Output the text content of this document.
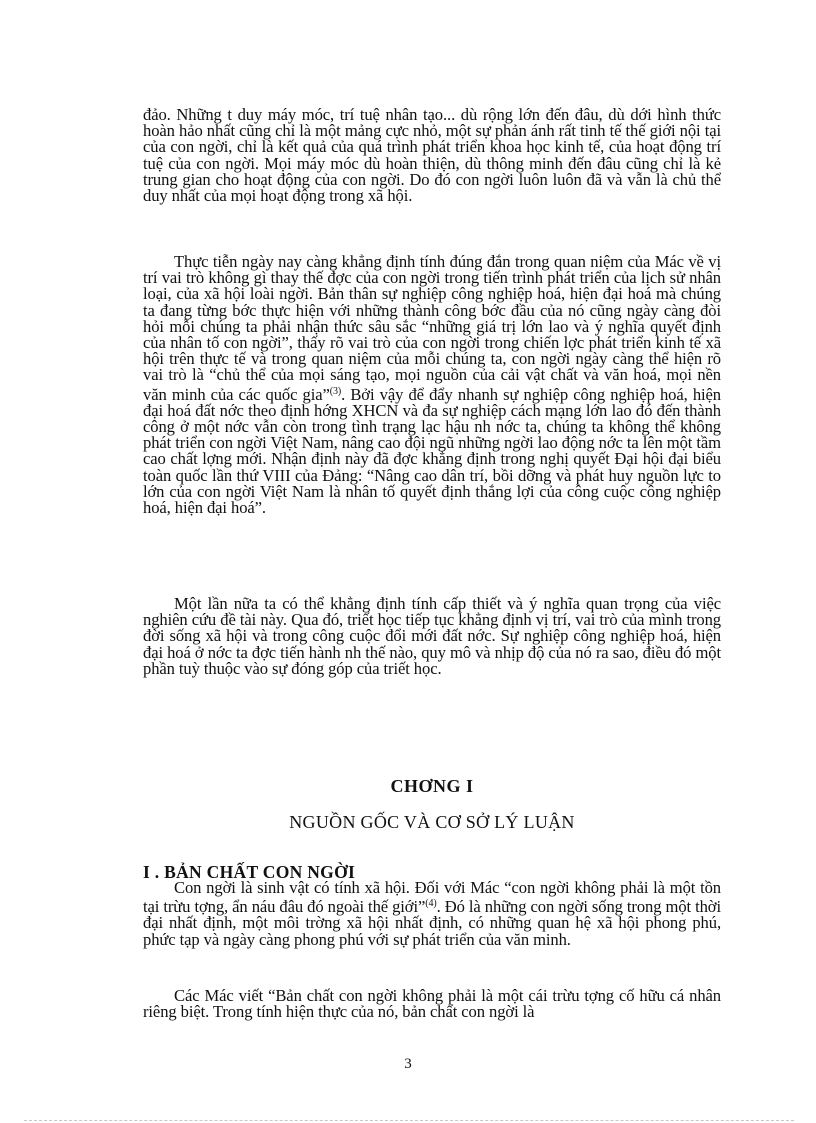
đảo. Những t duy máy móc, trí tuệ nhân tạo... dù rộng lớn đến đâu, dù dới hình thức hoàn hảo nhất cũng chỉ là một mảng cực nhỏ, một sự phản ánh rất tinh tế thế giới nội tại của con ngời, chỉ là kết quả của quá trình phát triển khoa học kinh tế, của hoạt động trí tuệ của con ngời. Mọi máy móc dù hoàn thiện, dù thông minh đến đâu cũng chỉ là kẻ trung gian cho hoạt động của con ngời. Do đó con ngời luôn luôn đã và vẫn là chủ thể duy nhất của mọi hoạt động trong xã hội.
Thực tiễn ngày nay càng khẳng định tính đúng đắn trong quan niệm của Mác về vị trí vai trò không gì thay thế đợc của con ngời trong tiến trình phát triển của lịch sử nhân loại, của xã hội loài ngời. Bản thân sự nghiệp công nghiệp hoá, hiện đại hoá mà chúng ta đang từng bớc thực hiện với những thành công bớc đầu của nó cũng ngày càng đòi hỏi mỗi chúng ta phải nhận thức sâu sắc “những giá trị lớn lao và ý nghĩa quyết định của nhân tố con ngời”, thấy rõ vai trò của con ngời trong chiến lợc phát triển kinh tế xã hội trên thực tế và trong quan niệm của mỗi chúng ta, con ngời ngày càng thể hiện rõ vai trò là “chủ thể của mọi sáng tạo, mọi nguồn của cải vật chất và văn hoá, mọi nền văn minh của các quốc gia”$^{(3)}$. Bởi vậy để đẩy nhanh sự nghiệp công nghiệp hoá, hiện đại hoá đất nớc theo định hớng XHCN và đa sự nghiệp cách mạng lớn lao đó đến thành công ở một nớc vẫn còn trong tình trạng lạc hậu nh nớc ta, chúng ta không thể không phát triển con ngời Việt Nam, nâng cao đội ngũ những ngời lao động nớc ta lên một tầm cao chất lợng mới. Nhận định này đã đợc khẳng định trong nghị quyết Đại hội đại biểu toàn quốc lần thứ VIII của Đảng: “Nâng cao dân trí, bồi dỡng và phát huy nguồn lực to lớn của con ngời Việt Nam là nhân tố quyết định thắng lợi của công cuộc công nghiệp hoá, hiện đại hoá”.
Một lần nữa ta có thể khẳng định tính cấp thiết và ý nghĩa quan trọng của việc nghiên cứu đề tài này. Qua đó, triết học tiếp tục khẳng định vị trí, vai trò của mình trong đời sống xã hội và trong công cuộc đổi mới đất nớc. Sự nghiệp công nghiệp hoá, hiện đại hoá ở nớc ta đợc tiến hành nh thế nào, quy mô và nhịp độ của nó ra sao, điều đó một phần tuỳ thuộc vào sự đóng góp của triết học.
CHƠNG I
NGUỒN GỐC VÀ CƠ SỞ LÝ LUẬN
I . BẢN CHẤT CON NGỜI
Con ngời là sinh vật có tính xã hội. Đối với Mác “con ngời không phải là một tồn tại trừu tợng, ẩn náu đâu đó ngoài thế giới”$^{(4)}$. Đó là những con ngời sống trong một thời đại nhất định, một môi trờng xã hội nhất định, có những quan hệ xã hội phong phú, phức tạp và ngày càng phong phú với sự phát triển của văn minh.
Các Mác viết “Bản chất con ngời không phải là một cái trừu tợng cố hữu cá nhân riêng biệt. Trong tính hiện thực của nó, bản chất con ngời là
3
